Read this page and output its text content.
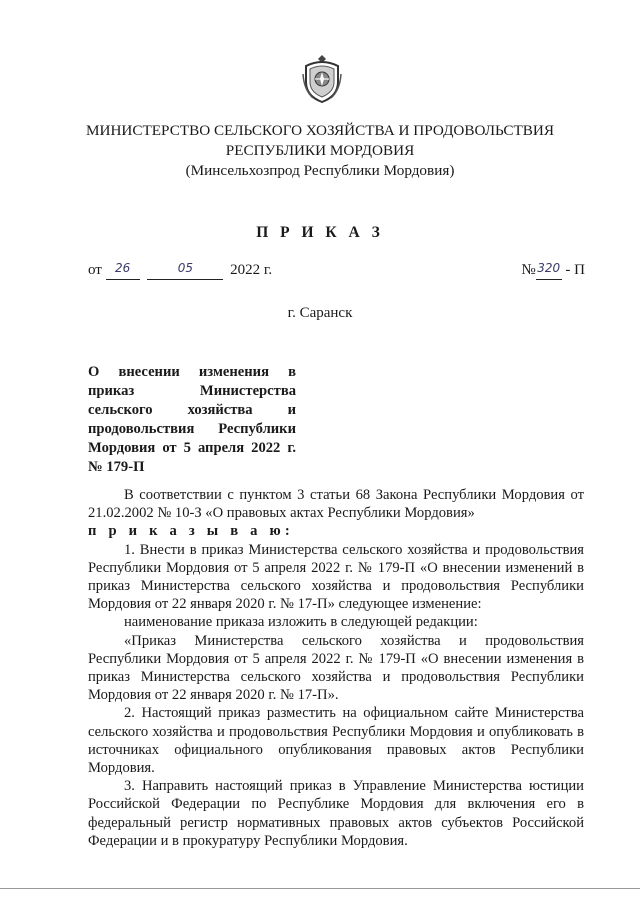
МИНИСТЕРСТВО СЕЛЬСКОГО ХОЗЯЙСТВА И ПРОДОВОЛЬСТВИЯ
РЕСПУБЛИКИ МОРДОВИЯ
(Минсельхозпрод Республики Мордовия)
П Р И К А З
от 26	05 2022 г.	№ 320 - П
г. Саранск
О внесении изменения в
приказ Министерства
сельского хозяйства и
продовольствия Республики
Мордовия от 5 апреля 2022 г.
№ 179-П

В соответствии с пунктом 3 статьи 68 Закона Республики Мордовия от 21.02.2002 № 10-З «О правовых актах Республики Мордовия»

п р и к а з ы в а ю:

1. Внести в приказ Министерства сельского хозяйства и продовольствия Республики Мордовия от 5 апреля 2022 г. № 179-П «О внесении изменений в приказ Министерства сельского хозяйства и продовольствия Республики Мордовия от 22 января 2020 г. № 17-П» следующее изменение:

наименование приказа изложить в следующей редакции:

«Приказ Министерства сельского хозяйства и продовольствия Республики Мордовия от 5 апреля 2022 г. № 179-П «О внесении изменения в приказ Министерства сельского хозяйства и продовольствия Республики Мордовия от 22 января 2020 г. № 17-П».

2. Настоящий приказ разместить на официальном сайте Министерства сельского хозяйства и продовольствия Республики Мордовия и опубликовать в источниках официального опубликования правовых актов Республики Мордовия.

3. Направить настоящий приказ в Управление Министерства юстиции Российской Федерации по Республике Мордовия для включения его в федеральный регистр нормативных правовых актов субъектов Российской Федерации и в прокуратуру Республики Мордовия.
